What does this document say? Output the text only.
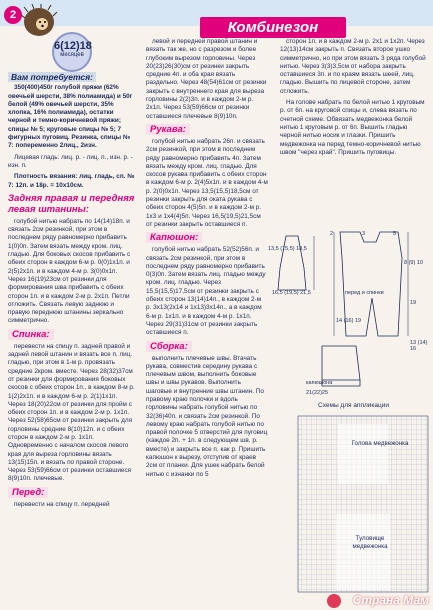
2
6(12)18
месяцев
Комбинезон
Вам потребуется:

350(400)450г голубой пряжи (62% овечьей шерсти, 38% полиамида) и 50г белой (49% овечьей шерсти, 35% хлопка, 16% полиамида), остатки черной и темно-коричневой пряжи; спицы № 5; круговые спицы № 5; 7 фигурных пуговиц. Резинка, спицы № 7: попеременно 2лиц., 2изн.

Лицевая гладь: лиц. р. - лиц. п., изн. р. - изн. п.

Плотность вязания: лиц. гладь, сп. № 7: 12п. и 18р. = 10х10см.

Задняя правая и передняя левая штанины:

голубой нитью набрать по 14(14)18п. и связать 2см резинкой, при этом в последнем ряду равномерно прибавить 1(0)0п. Затем вязать между кром. лиц. гладью. Для боковых скосов прибавить с обеих сторон в каждом 6-м р. 0(0)1х1п. и 2(5)2х1п. и в каждом 4-м р. 3(0)0х1п. Через 16(19)23см от резинки для формирования шва прибавить с обеих сторон 1п. и в каждом 2-м р. 2х1п. Петли отложить. Связать левую заднюю и правую переднюю штанины зеркально симметрично.

Спинка:

перевести на спицу п. задней правой и задней левой штанин и вязать все п. лиц. гладью, при этом в 1-м р. провязать средние 2кром. вместе. Через 28(32)37см от резинки для формирования боковых скосов с обеих сторон 1п., в каждом 8-м р. 1(2)2х1п. и в каждом 6-м р. 2(1)1х1п. Через 18(20)22см от резинки для пройм с обеих сторон 1п. и в каждом 2-м р. 1х1п. Через 52(58)65см от резинки закрыть для горловины средние 8(10)12п. и с обеих сторон в каждом 2-м р. 1х1п. Одновременно с началом скосов левого края для выреза горловины вязать 13(15)15п. и вязать по правой стороне. Через 53(59)66см от резинки оставшиеся 8(9)10п. плечевые.

Перед:

перевести на спицу п. передней

левой и передней правой штанин и вязать так же, но с разрезом и более глубоким вырезом горловины. Через 20(23)26(30)см от резинки закрыть средние 4п. и оба края вязать раздельно. Через 48(54)61см от резинки закрыть с внутреннего края для выреза горловины 2(2)3п. и в каждом 2-м р. 2х1п. Через 53(59)66см от резинки оставшиеся плечевые 8(9)10п.

Рукава:

голубой нитью набрать 26п. и связать 2см резинкой, при этом в последнем ряду равномерно прибавить 4п. Затем вязать между кром. лиц. гладью. Для скосов рукава прибавить с обеих сторон в каждом 6-м р. 2(4)5х1п. и в каждом 4-м р. 2(0)0х1п. Через 13,5(15,5)18,5см от резинки закрыть для оката рукава с обеих сторон 4(5)5п. и в каждом 2-м р. 1х3 и 1х4(4)5п. Через 16,5(19,5)21,5см от резинки закрыть оставшиеся п.

Капюшон:

голубой нитью набрать 52(52)56п. и связать 2см резинкой, при этом в последнем ряду равномерно прибавить 0(3)0п. Затем вязать лиц. гладью между кром. лиц. гладью. Через 15,5(15,5)17,5см от резинки закрыть с обеих сторон 13(14)14п., в каждом 2-м р. 3х13(2х14 и 1х13)3х14п., а в каждом 6-м р. 1х1п. и в каждом 4-м р. 1х1п. Через 29(31)31см от резинки закрыть оставшиеся п.

Сборка:

выполнить плечевые швы. Втачать рукава, совместив середину рукава с плечевым швом, выполнить боковые швы и швы рукавов. Выполнить шаговые и внутренние швы штанин. По правому краю полочки и вдоль горловины набрать голубой нитью по 32(36)40п. и связать 2см резинкой. По левому краю набрать голубой нитью по правой полочке 5 отверстий для пуговиц (каждое 2п. + 1п. в следующем шв. р. вместе) и закрыть все п. как р. Пришить капюшон к вырезу, отступив от краев 2см от планки. Для ушек набрать белой нитью с изнанки по 5

сторон 1п. и в каждом 2-м р. 2х1 и 1х2п. Через 12(13)14см закрыть п. Связать второе ушко симметрично, но при этом вязать 3 ряда голубой нитью. Через 3(3)3,5см от набора закрыть оставшиеся 3п. и по краям вязать шеей, лиц. гладью. Вышить по лицевой стороне, затем отложить.

На голове набрать по белой нитью 1 круговым р. от 6п. на круговой спицы и, слева вязать по счетной схеме. Обвязать медвежонка белой нитью 1 круговым р. от 6п. Вышить гладью черной нитью носик и глазки. Пришить медвежонка на перед темно-коричневой нитью швом "через край". Пришить пуговицы.

13,5 (15,5) 18,5
16,5 (19,5) 21,5	перед и спинки
2	3	5
8 (9) 10
19
14 (16) 19
капюшона
21(22)25
13 (14) 16
Схемы для аппликации
Голова медвежонка
Туловище медвежонка
Страна Мам
